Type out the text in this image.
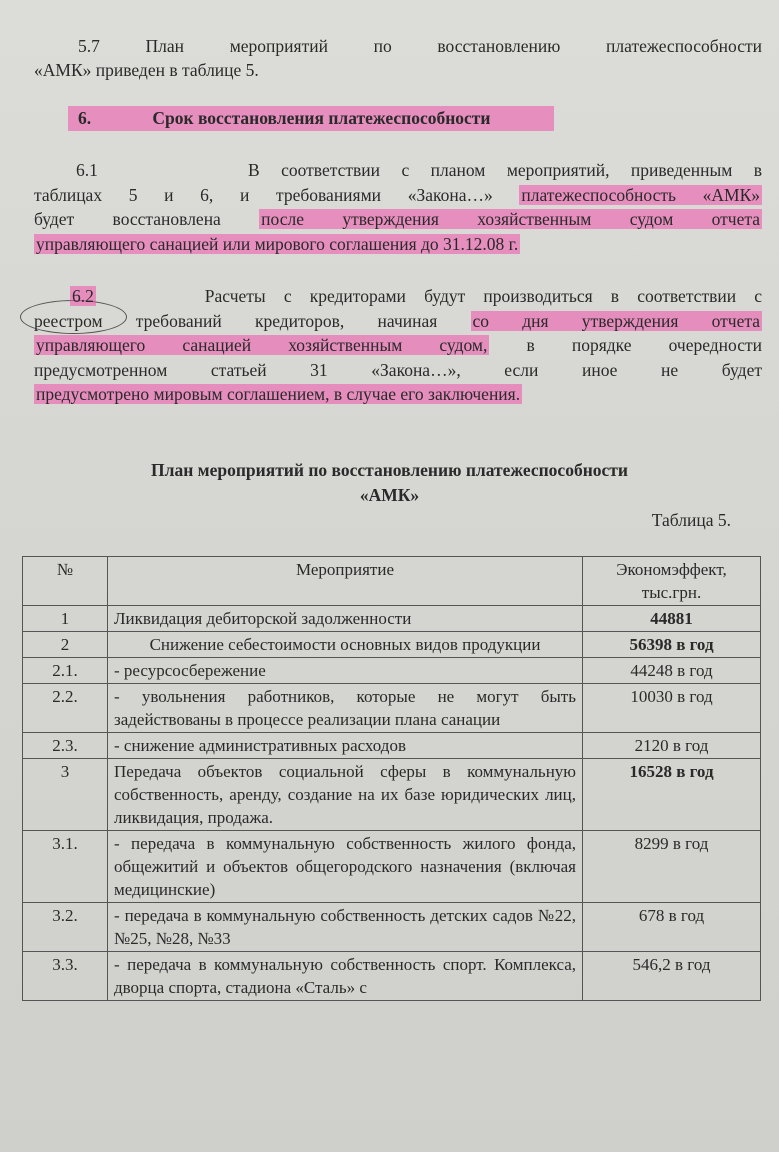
5.7 План мероприятий по восстановлению платежеспособности
«АМК» приведен в таблице 5.
6.	Срок восстановления платежеспособности
6.1	В соответствии с планом мероприятий, приведенным в
таблицах 5 и 6, и требованиями «Закона…» платежеспособность «АМК»
будет восстановлена после утверждения хозяйственным судом отчета
управляющего санацией или мирового соглашения до 31.12.08 г.
6.2	Расчеты с кредиторами будут производиться в соответствии с
реестром требований кредиторов, начиная со дня утверждения отчета
управляющего санацией хозяйственным судом, в порядке очередности
предусмотренном статьей 31 «Закона…», если иное не будет
предусмотрено мировым соглашением, в случае его заключения.
План мероприятий по восстановлению платежеспособности
«АМК»
Таблица 5.
№	Мероприятие	Экономэффект,
тыс.грн.

1	Ликвидация дебиторской задолженности	44881
2	Снижение себестоимости основных видов продукции	56398 в год
2.1.	- ресурсосбережение	44248 в год
2.2.	- увольнения работников, которые не могут быть задействованы в процессе реализации плана санации	10030 в год
2.3.	- снижение административных расходов	2120 в год
3	Передача объектов социальной сферы в коммунальную собственность, аренду, создание на их базе юридических лиц, ликвидация, продажа.	16528 в год
3.1.	- передача в коммунальную собственность жилого фонда, общежитий и объектов общегородского назначения (включая медицинские)	8299 в год
3.2.	- передача в коммунальную собственность детских садов №22, №25, №28, №33	678 в год
3.3.	- передача в коммунальную собственность спорт. Комплекса, дворца спорта, стадиона «Сталь» с	546,2 в год
